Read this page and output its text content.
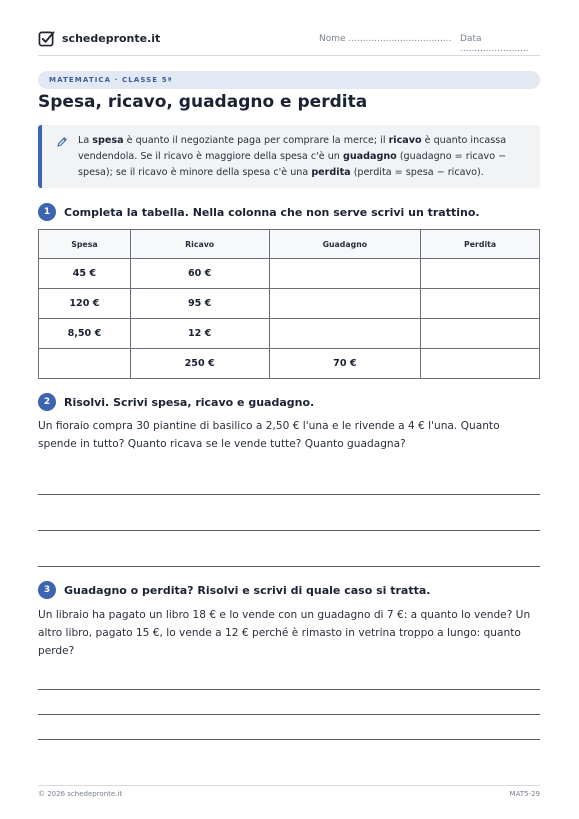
schedepronte.it	Nome .................................... Data ........................
MATEMATICA · CLASSE 5ª
Spesa, ricavo, guadagno e perdita

La spesa è quanto il negoziante paga per comprare la merce; il ricavo è quanto incassa vendendola. Se il ricavo è maggiore della spesa c'è un guadagno (guadagno = ricavo − spesa); se il ricavo è minore della spesa c'è una perdita (perdita = spesa − ricavo).

1	Completa la tabella. Nella colonna che non serve scrivi un trattino.
Spesa	Ricavo	Guadagno	Perdita
45 €	60 €		
120 €	95 €		
8,50 €	12 €		
	250 €	70 €	
2	Risolvi. Scrivi spesa, ricavo e guadagno.

Un fioraio compra 30 piantine di basilico a 2,50 € l'una e le rivende a 4 € l'una. Quanto spende in tutto? Quanto ricava se le vende tutte? Quanto guadagna?

3	Guadagno o perdita? Risolvi e scrivi di quale caso si tratta.

Un libraio ha pagato un libro 18 € e lo vende con un guadagno di 7 €: a quanto lo vende? Un altro libro, pagato 15 €, lo vende a 12 € perché è rimasto in vetrina troppo a lungo: quanto perde?

© 2026 schedepronte.it	MAT5-29
